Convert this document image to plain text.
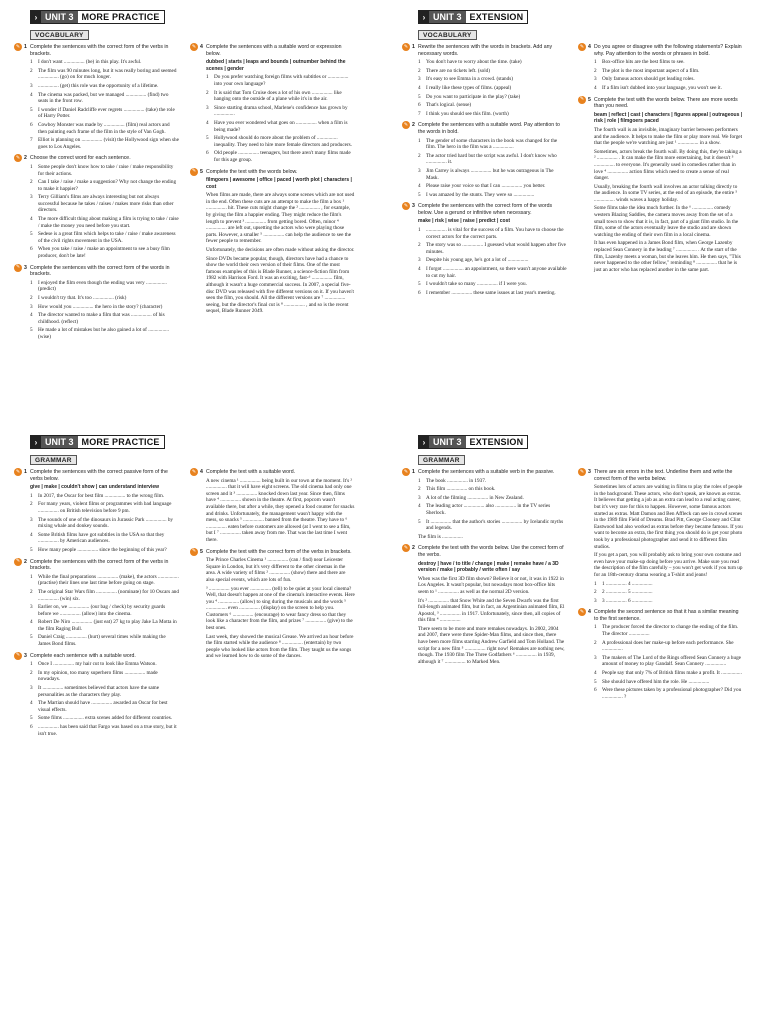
› UNIT 3 MORE PRACTICE
VOCABULARY
✎ 1 Complete the sentences with the correct form of the verbs in brackets.
1 I don't want ................ (be) in this play. It's awful.
2 The film was 90 minutes long, but it was really boring and seemed ................ (go) on for much longer.
3 ................ (get) this role was the opportunity of a lifetime.
4 The cinema was packed, but we managed ................ (find) two seats in the front row.
5 I wonder if Daniel Radcliffe ever regrets ................ (take) the role of Harry Potter.
6 Cowboy Monster was made by ................ (film) real actors and then painting each frame of the film in the style of Van Gogh.
7 Elliot is planning on ................ (visit) the Hollywood sign when she goes to Los Angeles.
✎ 2 Choose the correct word for each sentence.
1 Some people don't know how to take / raise / make responsibility for their actions.
2 Can I take / raise / make a suggestion? Why not change the ending to make it happier?
3 Terry Gilliam's films are always interesting but not always successful because he takes / raises / makes more risks than other directors.
4 The more difficult thing about making a film is trying to take / raise / make the money you need before you start.
5 Sedese is a great film which helps to take / raise / make awareness of the civil rights movement in the USA.
6 When you take / raise / make an appointment to see a busy film producer, don't be late!
✎ 3 Complete the sentences with the correct form of the words in brackets.
1 I enjoyed the film even though the ending was very ................ (predict)
2 I wouldn't try that. It's too ................ (risk)
3 How would you ................ the hero in the story? (character)
4 The director wanted to make a film that was ................ of his childhood. (reflect)
5 He made a lot of mistakes but he also gained a lot of ................ (wise)
✎ 4 Complete the sentences with a suitable word or expression below.
dubbed | starts | leaps and bounds | outnumber behind the scenes | gender
1 Do you prefer watching foreign films with subtitles or ................ into your own language?
2 It is said that Tom Cruise does a lot of his own ................ like hanging onto the outside of a plane while it's in the air.
3 Since starting drama school, Marlene's confidence has grown by ................
4 Have you ever wondered what goes on ................ when a film is being made?
5 Hollywood should do more about the problem of ................ inequality. They need to hire more female directors and producers.
6 Old people ................ teenagers, but there aren't many films made for this age group.
✎ 5 Complete the text with the words below.
filmgoers | awesome | office | paced | worth plot | characters | cost
When films are made, there are always some scenes which are not used in the end. Often these cuts are an attempt to make the film a box ¹ ................ hit. These cuts might change the ² ................ , for example, by giving the film a happier ending. They might reduce the film's length to prevent ³ ................ from getting bored. Often, minor ⁴ ................ are left out, upsetting the actors who were playing those parts. However, a smaller ⁵ ................ can help the audience to see the fewer people to remember.
Unfortunately, the decisions are often made without asking the director.
Since DVDs became popular, though, directors have had a chance to show the world their own version of their films. One of the most famous examples of this is Blade Runner, a science-fiction film from 1982 with Harrison Ford. It was an exciting, fast-⁶ ................ film, although it wasn't a huge commercial success. In 2007, a special five-disc DVD was released with five different versions on it. If you haven't seen the film, you should. All the different versions are ⁷ ................ seeing, but the director's final cut is ⁸ ................ , and so is the recent sequel, Blade Runner 2049.
› UNIT 3 EXTENSION
VOCABULARY
✎ 1 Rewrite the sentences with the words in brackets. Add any necessary words.
1 You don't have to worry about the time. (take)
2 There are no tickets left. (sold)
3 It's easy to see Emma in a crowd. (stands)
4 I really like these types of films. (appeal)
5 Do you want to participate in the play? (take)
6 That's logical. (sense)
7 I think you should see this film. (worth)
✎ 2 Complete the sentences with a suitable word. Pay attention to the words in bold.
1 The gender of some characters in the book was changed for the film. The hero in the film was a ................
2 The actor tried hard but the script was awful. I don't know who ................ it.
3 Jim Carrey is always ................ but he was outrageous in The Mask.
4 Please raise your voice so that I can ................ you better.
5 I was amazed by the stunts. They were so ................
✎ 3 Complete the sentences with the correct form of the words below. Use a gerund or infinitive when necessary.
make | risk | wise | raise | predict | cost
1 ................ is vital for the success of a film. You have to choose the correct actors for the correct parts.
2 The story was so ................ I guessed what would happen after five minutes.
3 Despite his young age, he's got a lot of ................
4 I forgot ................ an appointment, so there wasn't anyone available to cut my hair.
5 I wouldn't take so many ................ if I were you.
6 I remember ................ these same issues at last year's meeting.
✎ 4 Do you agree or disagree with the following statements? Explain why. Pay attention to the words or phrases in bold.
1 Box-office hits are the best films to see.
2 The plot is the most important aspect of a film.
3 Only famous actors should get leading roles.
4 If a film isn't dubbed into your language, you won't see it.
✎ 5 Complete the text with the words below. There are more words than you need.
beam | reflect | cast | characters | figures appeal | outrageous | risk | role | filmgoers paced
The fourth wall is an invisible, imaginary barrier between performers and the audience. It helps to make the film or play more real. We forget that the people we're watching are just ¹ ................ in a show.
Sometimes, actors break the fourth wall. By doing this, they're taking a ² ................ . It can make the film more entertaining, but it doesn't ³ ................ to everyone. It's generally used in comedies rather than in love ⁴ ................ action films which need to create a sense of real danger.
Usually, breaking the fourth wall involves an actor talking directly to the audience. In some TV series, at the end of an episode, the entire ⁵ ................ winds waves a happy holiday.
Some films take the idea much further. In the ⁶ ................ comedy western Blazing Saddles, the camera moves away from the set of a small town to show that it is, in fact, part of a giant film studio. In the film, some of the actors eventually leave the studio and are shown watching the ending of their own film in a local cinema.
It has even happened in a James Bond film, when George Lazenby replaced Sean Connery in the leading ⁷ ................ . At the start of the film, Lazenby meets a woman, but she leaves him. He then says, "This never happened to the other fellow," reminding ⁸ ................ that he is just an actor who has replaced another in the same part.
› UNIT 3 MORE PRACTICE
GRAMMAR
✎ 1 Complete the sentences with the correct passive form of the verbs below.
give | make | couldn't show | can understand interview
1 In 2017, the Oscar for best film ................ to the wrong film.
2 For many years, violent films or programmes with bad language ................ on British television before 9 pm.
3 The sounds of one of the dinosaurs in Jurassic Park ................ by mixing whale and donkey sounds.
4 Some British films have got subtitles in the USA so that they ................ by American audiences.
5 How many people ................ since the beginning of this year?
✎ 2 Complete the sentences with the correct form of the verbs in brackets.
1 While the final preparations ................ (make), the actors ................ (practise) their lines one last time before going on stage.
2 The original Star Wars film ................ (nominate) for 10 Oscars and ................ (win) six.
3 Earlier on, we ................ (our bag / check) by security guards before we ................ (allow) into the cinema.
4 Robert De Niro ................ (just eat) 27 kg to play Jake La Motta in the film Raging Bull.
5 Daniel Craig ................ (hurt) several times while making the James Bond films.
✎ 3 Complete each sentence with a suitable word.
1 Once I ................ my hair cut to look like Emma Watson.
2 In my opinion, too many superhero films ................ made nowadays.
3 It ................ sometimes believed that actors have the same personalities as the characters they play.
4 The Martian should have ................ awarded an Oscar for best visual effects.
5 Some films ................ extra scenes added for different countries.
6 ................ has been said that Fargo was based on a true story, but it isn't true.
✎ 4 Complete the text with a suitable word.
A new cinema ¹ ................ being built in our town at the moment. It's ² ................ that it will have eight screens. The old cinema had only one screen and it ³ ................ knocked down last year. Since then, films have ⁴ ................ shown in the theatre. At first, popcorn wasn't available there, but after a while, they opened a food counter for snacks and drinks. Unfortunately, the management wasn't happy with the mess, so snacks ⁵ ................ banned from the theatre. They have to ⁶ ................ eaten before customers are allowed (at I went to see a film, but I ⁷ ................ taken away from me. That was the last time I went there.
✎ 5 Complete the text with the correct form of the verbs in brackets.
The Prince Charles Cinema ¹ ................ (can / find) near Leicester Square in London, but it's very different to the other cinemas in the area. A wide variety of films ² ................ (show) there and there are also special events, which are lots of fun.
³ ................ you ever ................ (tell) to be quiet at your local cinema? Well, that doesn't happen at one of the cinema's interactive events. Here you ⁴ ................ (allow) to sing during the musicals and the words ⁵ ................ even ................ (display) on the screen to help you. Customers ⁶ ................ (encourage) to wear fancy dress so that they look like a character from the film, and prizes ⁷ ................ (give) to the best ones.
Last week, they showed the musical Grease. We arrived an hour before the film started while the audience ⁸ ................ (entertain) by two people who looked like actors from the film. They taught us the songs and we learned how to do some of the dances.
› UNIT 3 EXTENSION
GRAMMAR
✎ 1 Complete the sentences with a suitable verb in the passive.
1 The book ................ in 1937.
2 This film ................ on this book.
3 A lot of the filming ................ in New Zealand.
4 The leading actor ................ also ................ in the TV series Sherlock.
5 It ................ that the author's stories ................ by Icelandic myths and legends.
The film is ................
✎ 2 Complete the text with the words below. Use the correct form of the verbs.
destroy | have / to title / change | make | remake have / a 3D version / make | probably / write often / say
When was the first 3D film shown? Believe it or not, it was in 1922 in Los Angeles. It wasn't popular, but nowadays most box-office hits seem to ¹ ................ as well as the normal 2D version.
It's ² ................ that Snow White and the Seven Dwarfs was the first full-length animated film, but in fact, an Argentinian animated film, El Apostol, ³ ................ in 1917. Unfortunately, since then, all copies of this film ⁴ ................
There seem to be more and more remakes nowadays. In 2002, 2004 and 2007, there were three Spider-Man films, and since then, there have been more films starring Andrew Garfield and Tom Holland. The script for a new film ⁵ ................ right now! Remakes are nothing new, though. The 1930 film The Three Godfathers ⁶ ................ in 1939, although it ⁷ ................ to Marked Men.
✎ 3 There are six errors in the text. Underline them and write the correct form of the verbs below.
Sometimes lots of actors are waiting in films to play the roles of people in the background. These actors, who don't speak, are known as extras. It believes that getting a job as an extra can lead to a real acting career, but it's very rare for this to happen. However, some famous actors started as extras. Matt Damon and Ben Affleck can see in crowd scenes in the 1989 film Field of Dreams. Brad Pitt, George Clooney and Clint Eastwood had also worked as extras before they became famous. If you want to become an extra, the first thing you should do is get your photo took by a professional photographer and send it to different film studios.
If you get a part, you will probably ask to bring your own costume and even have your make-up doing before you arrive. Make sure you read the description of the film carefully – you won't get work if you turn up for an 18th-century drama wearing a T-shirt and jeans!
1 1 ................ 4 ................
2 2 ................ 5 ................
3 3 ................ 6 ................
✎ 4 Complete the second sentence so that it has a similar meaning to the first sentence.
1 The producer forced the director to change the ending of the film. The director ................
2 A professional does her make-up before each performance. She ................
3 The makers of The Lord of the Rings offered Sean Connery a huge amount of money to play Gandalf. Sean Connery ................
4 People say that only 7% of British films make a profit. It ................
5 She should have offered him the role. He ................
6 Were these pictures taken by a professional photographer? Did you ................ ?
